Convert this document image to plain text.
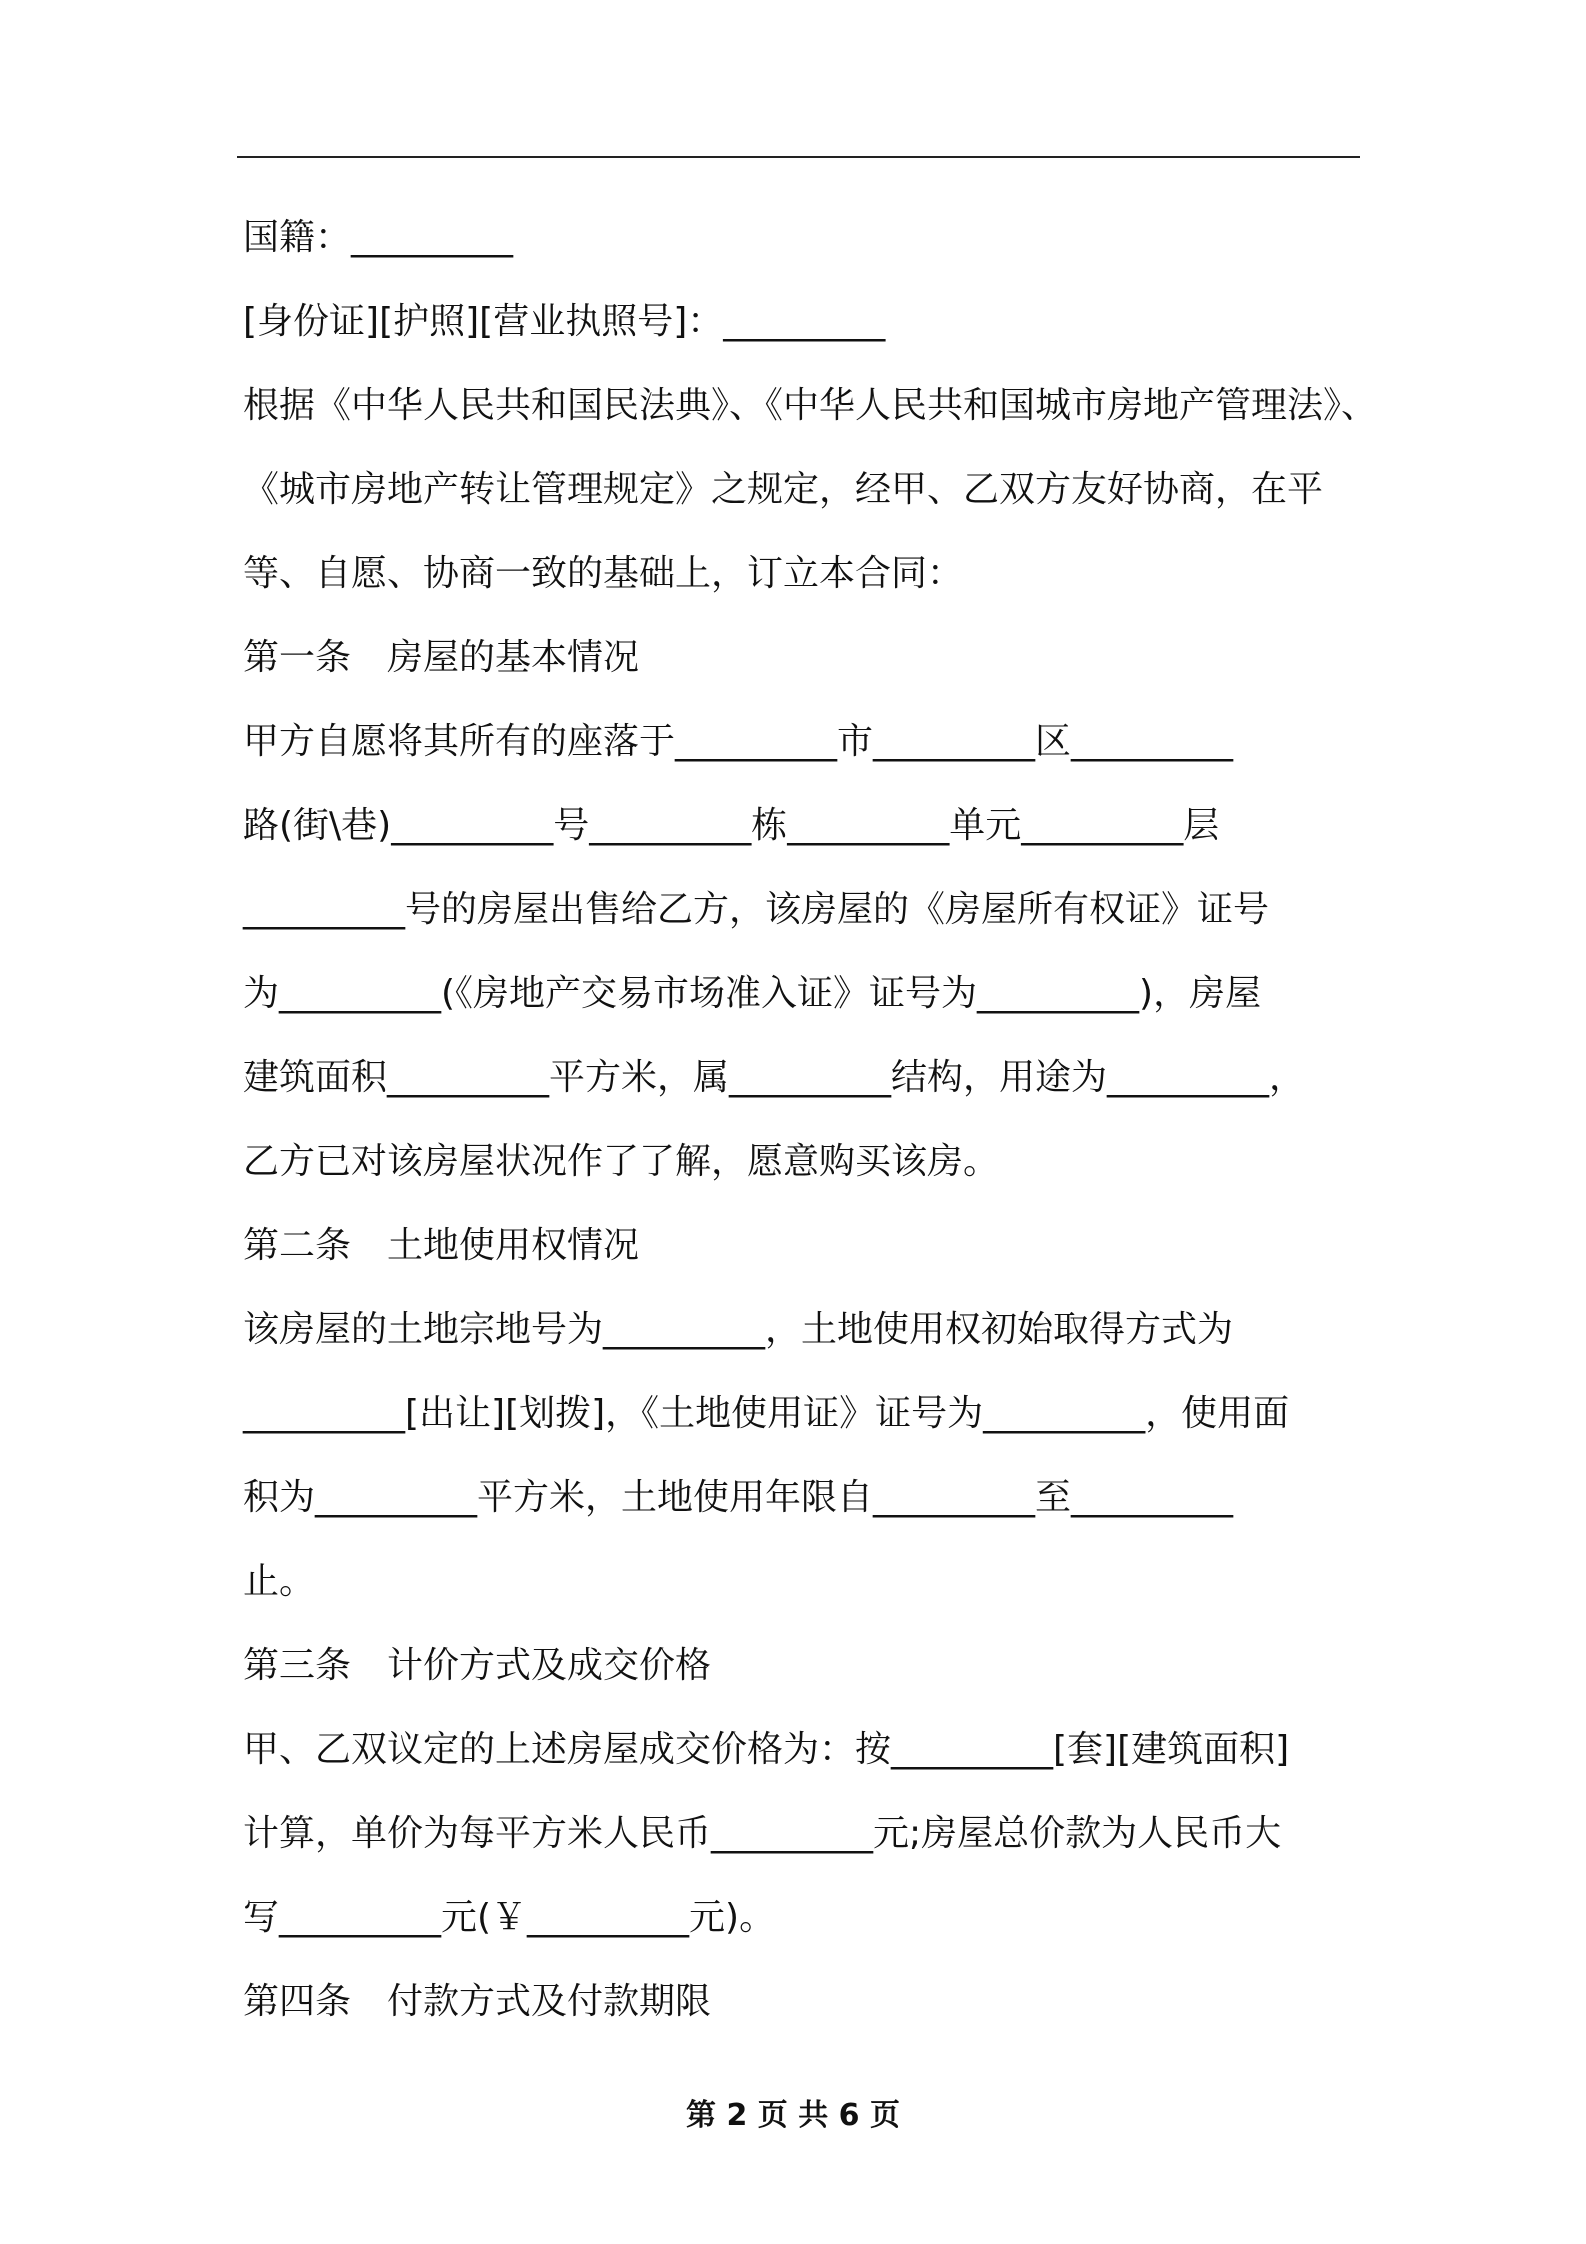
国籍：_________
[身份证][护照][营业执照号]：_________
根据《中华人民共和国民法典》、《中华人民共和国城市房地产管理法》、
《城市房地产转让管理规定》之规定，经甲、乙双方友好协商，在平
等、自愿、协商一致的基础上，订立本合同：
第一条　房屋的基本情况
甲方自愿将其所有的座落于_________市_________区_________
路(街\巷)_________号_________栋_________单元_________层
_________号的房屋出售给乙方，该房屋的《房屋所有权证》证号
为_________(《房地产交易市场准入证》证号为_________)，房屋
建筑面积_________平方米，属_________结构，用途为_________，
乙方已对该房屋状况作了了解，愿意购买该房。
第二条　土地使用权情况
该房屋的土地宗地号为_________，土地使用权初始取得方式为
_________[出让][划拨]，《土地使用证》证号为_________，使用面
积为_________平方米，土地使用年限自_________至_________
止。
第三条　计价方式及成交价格
甲、乙双议定的上述房屋成交价格为：按_________[套][建筑面积]
计算，单价为每平方米人民币_________元;房屋总价款为人民币大
写_________元(￥_________元)。
第四条　付款方式及付款期限
第 2 页 共 6 页
